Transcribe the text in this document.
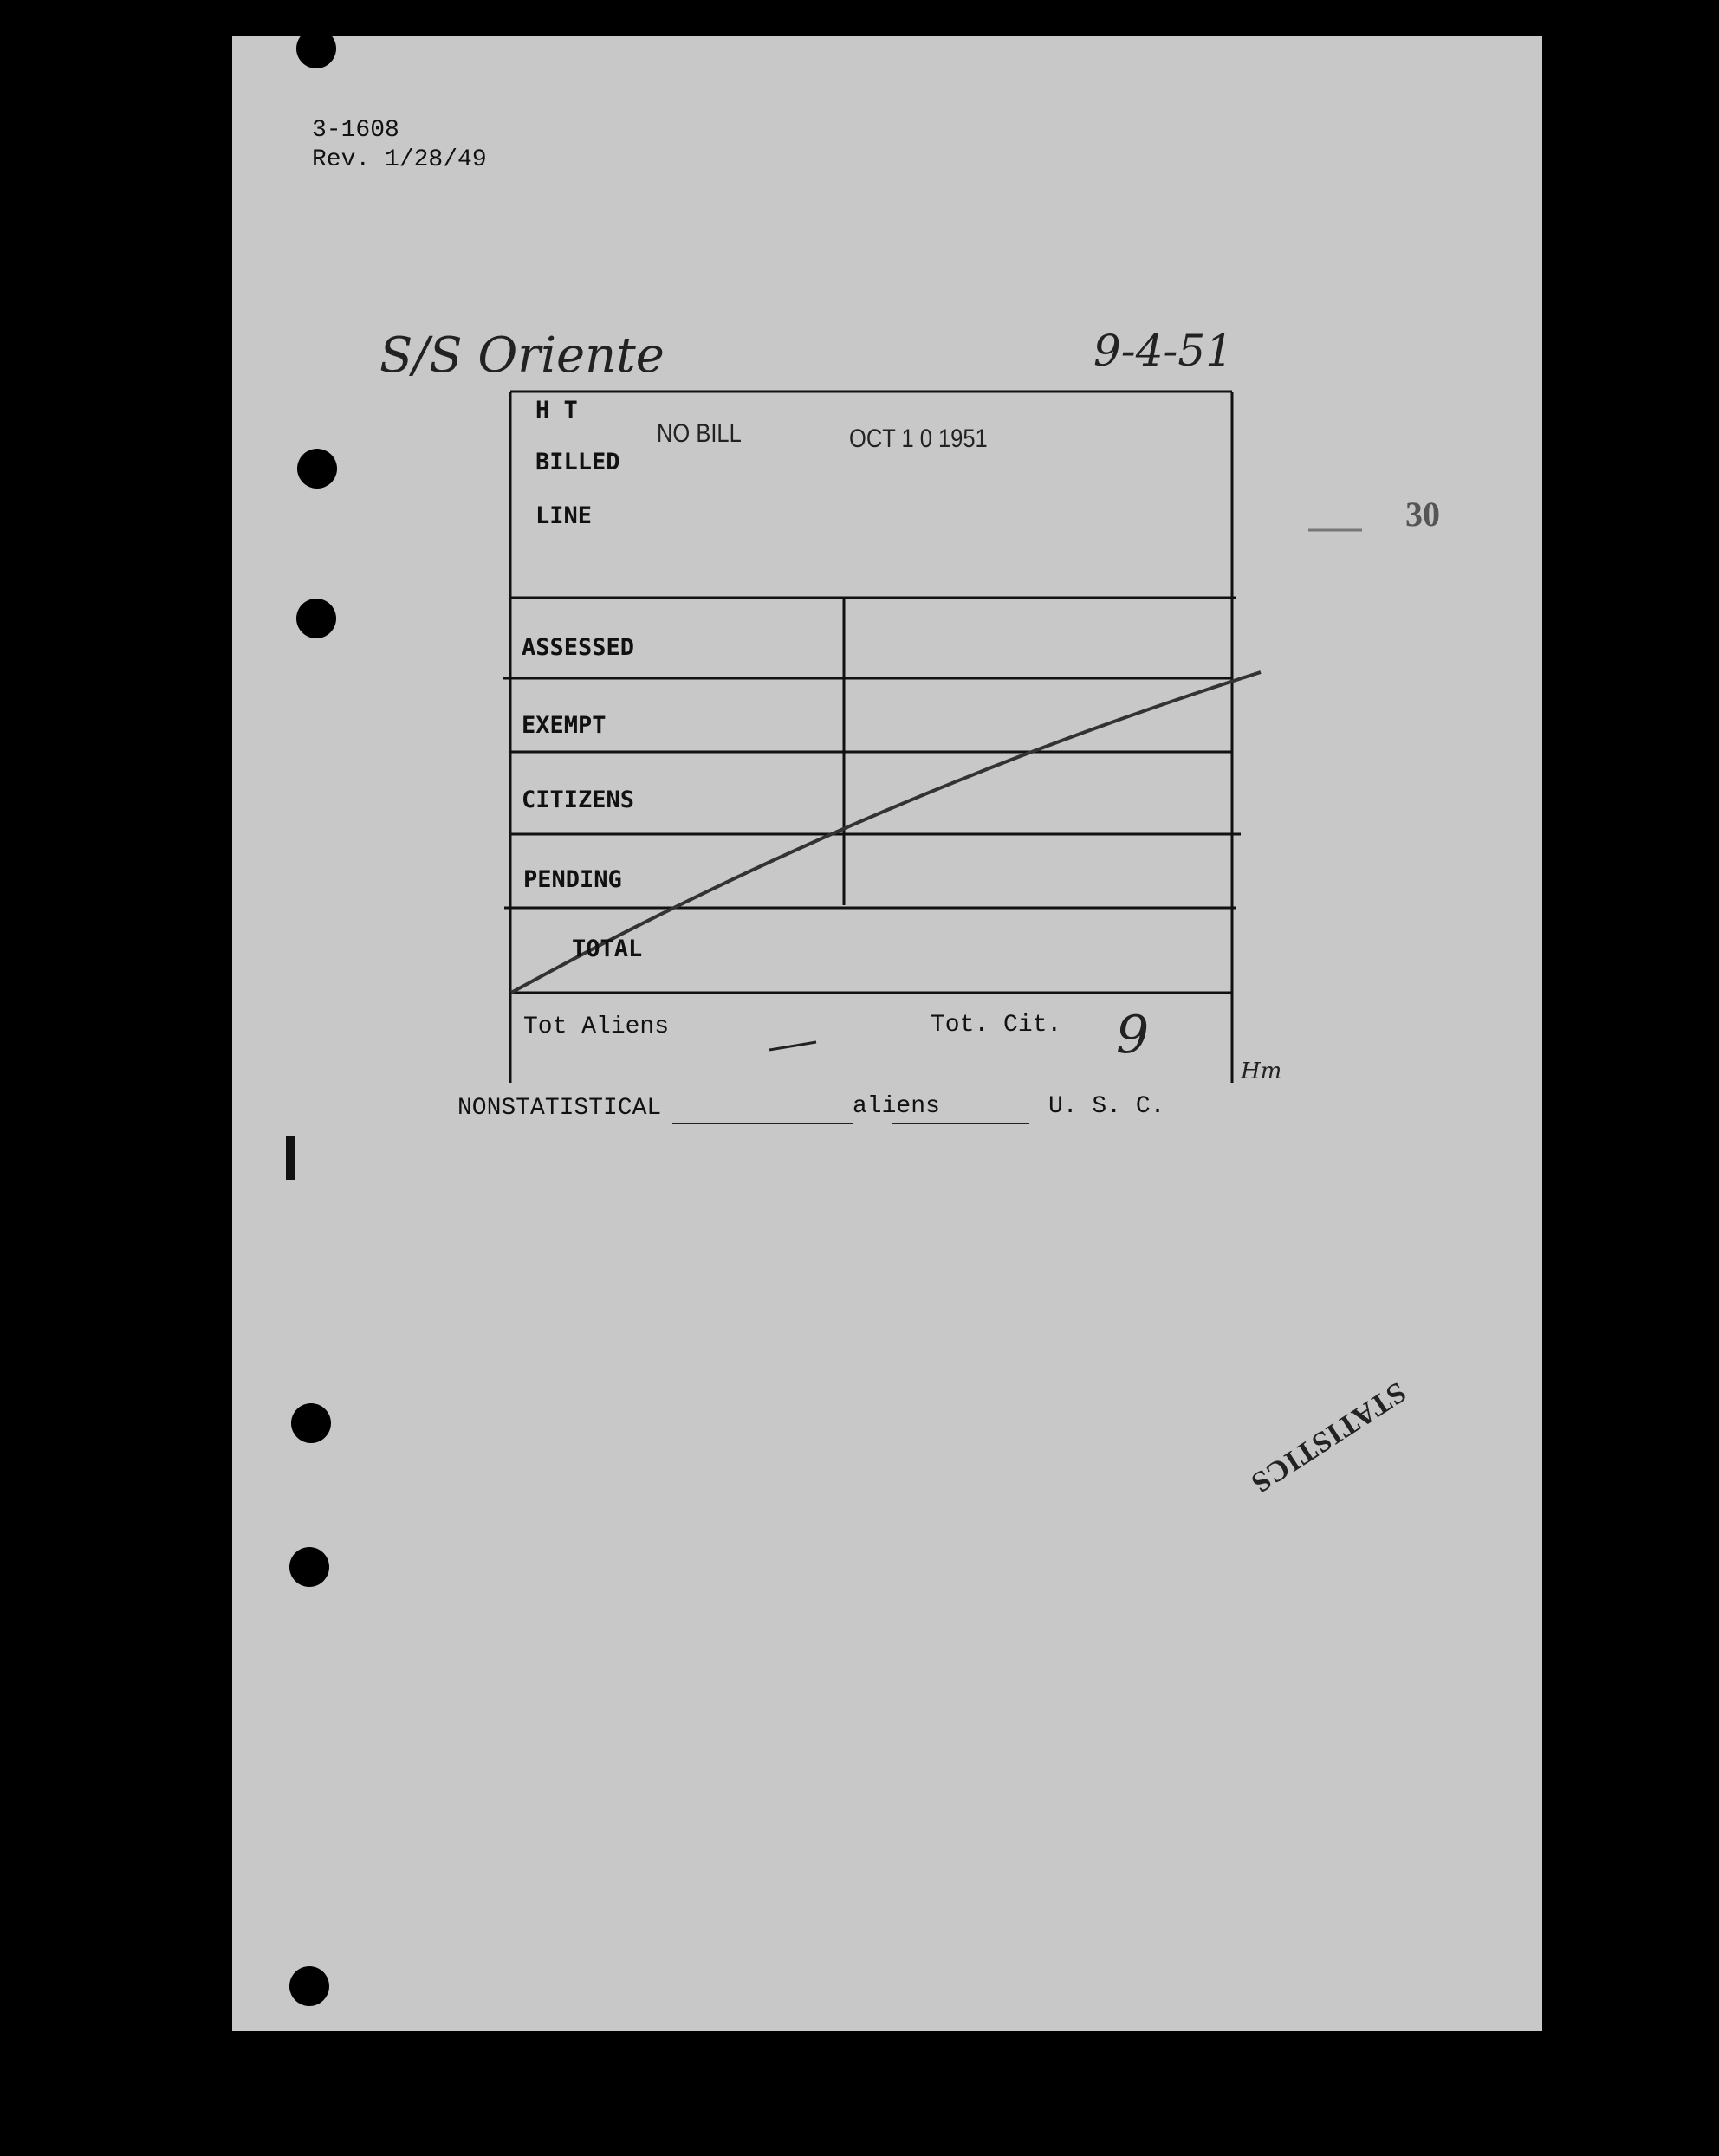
3-1608
Rev. 1/28/49
S/S Oriente	9-4-51
H T
BILLED
LINE
NO BILL	OCT 1 0 1951
30
ASSESSED
EXEMPT
CITIZENS
PENDING
TOTAL
Tot Aliens	Tot. Cit. 9
Hm
NONSTATISTICAL	aliens	U. S. C.
STATISTICS
